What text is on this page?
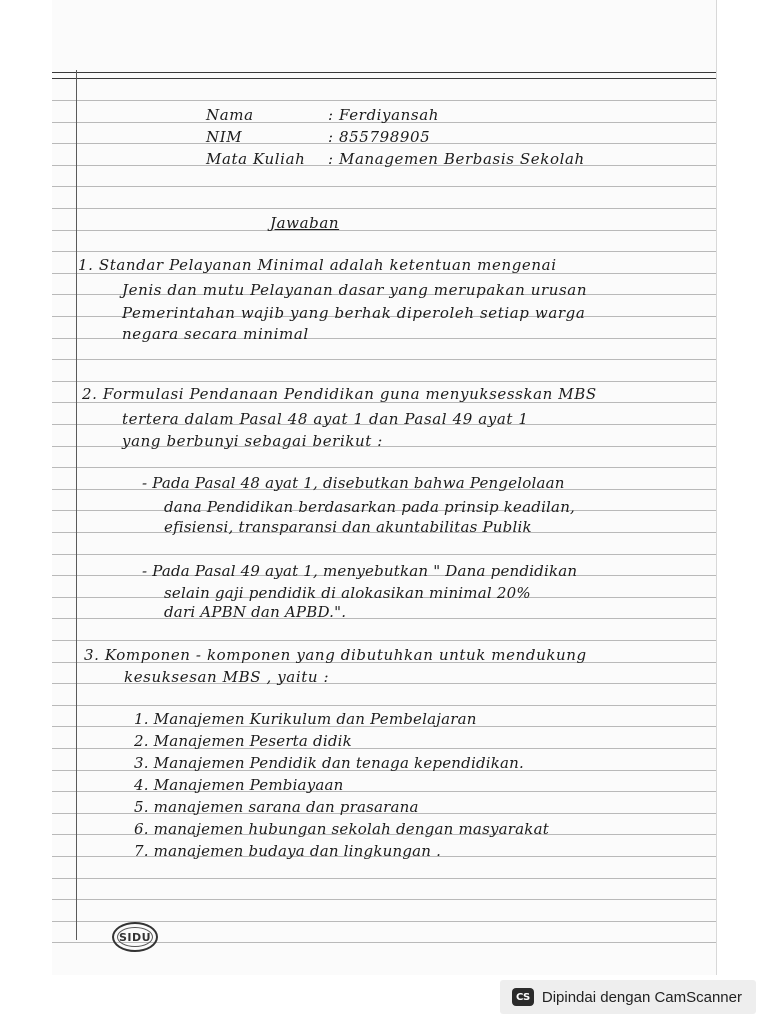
Nama	: Ferdiyansah
NIM	: 855798905
Mata Kuliah : Managemen Berbasis Sekolah
Jawaban
1. Standar Pelayanan Minimal adalah ketentuan mengenai
Jenis dan mutu Pelayanan dasar yang merupakan urusan
Pemerintahan wajib yang berhak diperoleh setiap warga
negara secara minimal
2. Formulasi Pendanaan Pendidikan guna menyuksesskan MBS
tertera dalam Pasal 48 ayat 1 dan Pasal 49 ayat 1
yang berbunyi sebagai berikut :
- Pada Pasal 48 ayat 1, disebutkan bahwa Pengelolaan
dana Pendidikan berdasarkan pada prinsip keadilan,
efisiensi, transparansi dan akuntabilitas Publik
- Pada Pasal 49 ayat 1, menyebutkan " Dana pendidikan
selain gaji pendidik di alokasikan minimal 20%
dari APBN dan APBD.".
3. Komponen - komponen yang dibutuhkan untuk mendukung
kesuksesan MBS , yaitu :
1. Manajemen Kurikulum dan Pembelajaran
2. Manajemen Peserta didik
3. Manajemen Pendidik dan tenaga kependidikan.
4. Manajemen Pembiayaan
5. manajemen sarana dan prasarana
6. manajemen hubungan sekolah dengan masyarakat
7. manajemen budaya dan lingkungan .
SIDU
CS Dipindai dengan CamScanner
